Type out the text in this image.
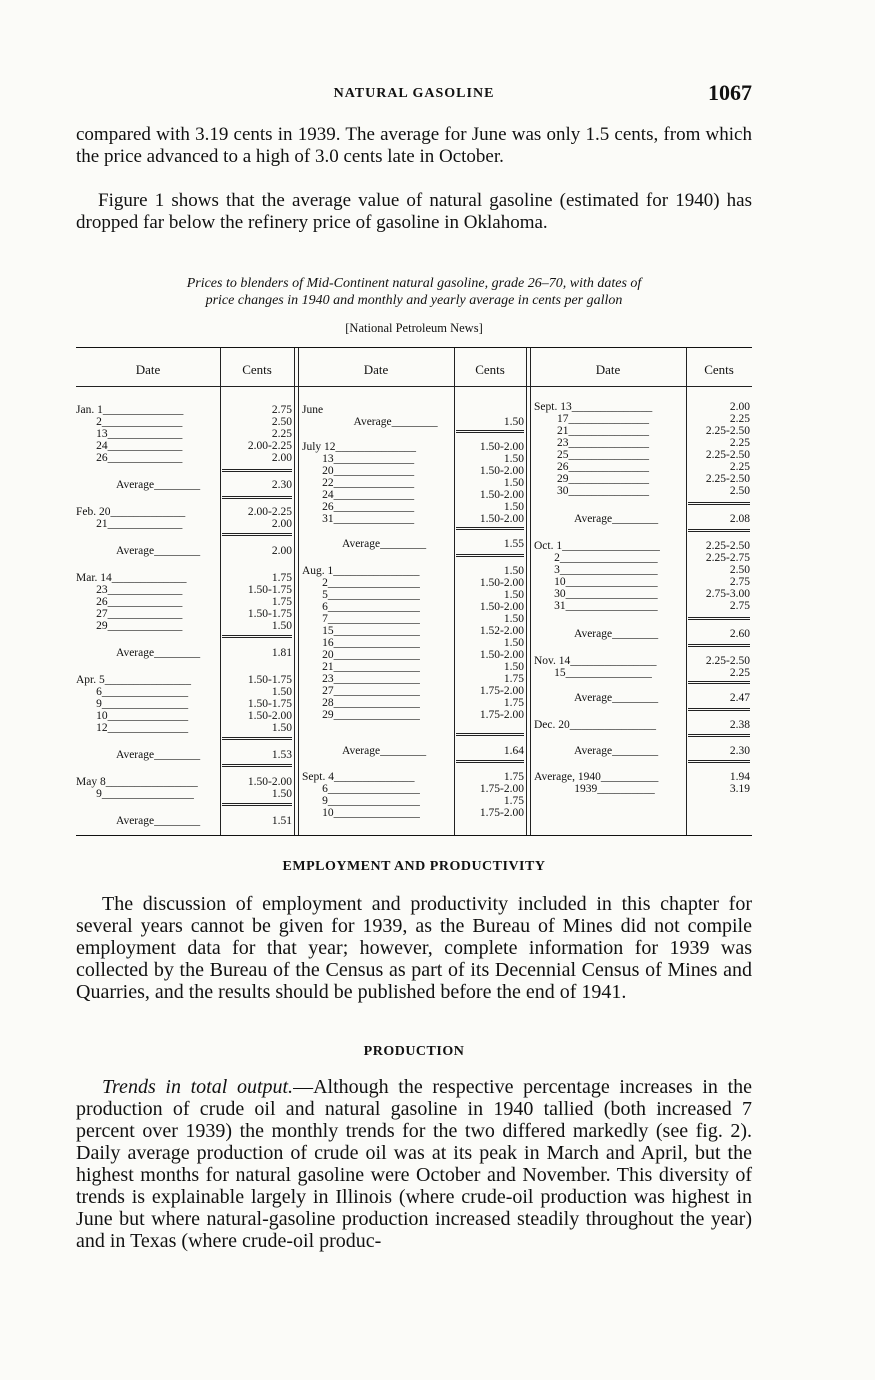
NATURAL GASOLINE	1067

compared with 3.19 cents in 1939. The average for June was only 1.5 cents, from which the price advanced to a high of 3.0 cents late in October.

Figure 1 shows that the average value of natural gasoline (estimated for 1940) has dropped far below the refinery price of gasoline in Oklahoma.

Prices to blenders of Mid-Continent natural gasoline, grade 26–70, with dates of
price changes in 1940 and monthly and yearly average in cents per gallon
[National Petroleum News]
Date	Cents	Date	Cents	Date	Cents
Jan. 1______________	2.75
2______________	2.50
13_____________	2.25
24_____________	2.00-2.25
26_____________	2.00
Average________	2.30
Feb. 20_____________	2.00-2.25
21_____________	2.00
Average________	2.00
Mar. 14_____________	1.75
23_____________	1.50-1.75
26_____________	1.75
27_____________	1.50-1.75
29_____________	1.50
Average________	1.81
Apr. 5_______________	1.50-1.75
6_______________	1.50
9_______________	1.50-1.75
10______________	1.50-2.00
12______________	1.50
Average________	1.53
May 8________________	1.50-2.00
9________________	1.50
Average________	1.51
June
Average________	1.50
July 12______________	1.50-2.00
13______________	1.50
20______________	1.50-2.00
22______________	1.50
24______________	1.50-2.00
26______________	1.50
31______________	1.50-2.00
Average________	1.55
Aug. 1_______________	1.50
2________________	1.50-2.00
5________________	1.50
6________________	1.50-2.00
7________________	1.50
15_______________	1.52-2.00
16_______________	1.50
20_______________	1.50-2.00
21_______________	1.50
23_______________	1.75
27_______________	1.75-2.00
28_______________	1.75
29_______________	1.75-2.00
Average________	1.64
Sept. 4______________	1.75
6________________	1.75-2.00
9________________	1.75
10_______________	1.75-2.00
Sept. 13______________	2.00
17______________	2.25
21______________	2.25-2.50
23______________	2.25
25______________	2.25-2.50
26______________	2.25
29______________	2.25-2.50
30______________	2.50
Average________	2.08
Oct. 1_________________	2.25-2.50
2_________________	2.25-2.75
3_________________	2.50
10________________	2.75
30________________	2.75-3.00
31________________	2.75
Average________	2.60
Nov. 14_______________	2.25-2.50
15_______________	2.25
Average________	2.47
Dec. 20_______________	2.38
Average________	2.30
Average, 1940__________	1.94
1939__________	3.19
EMPLOYMENT AND PRODUCTIVITY

The discussion of employment and productivity included in this chapter for several years cannot be given for 1939, as the Bureau of Mines did not compile employment data for that year; however, complete information for 1939 was collected by the Bureau of the Census as part of its Decennial Census of Mines and Quarries, and the results should be published before the end of 1941.

PRODUCTION

Trends in total output.—Although the respective percentage increases in the production of crude oil and natural gasoline in 1940 tallied (both increased 7 percent over 1939) the monthly trends for the two differed markedly (see fig. 2). Daily average production of crude oil was at its peak in March and April, but the highest months for natural gasoline were October and November. This diversity of trends is explainable largely in Illinois (where crude-oil production was highest in June but where natural-gasoline production increased steadily throughout the year) and in Texas (where crude-oil produc-
